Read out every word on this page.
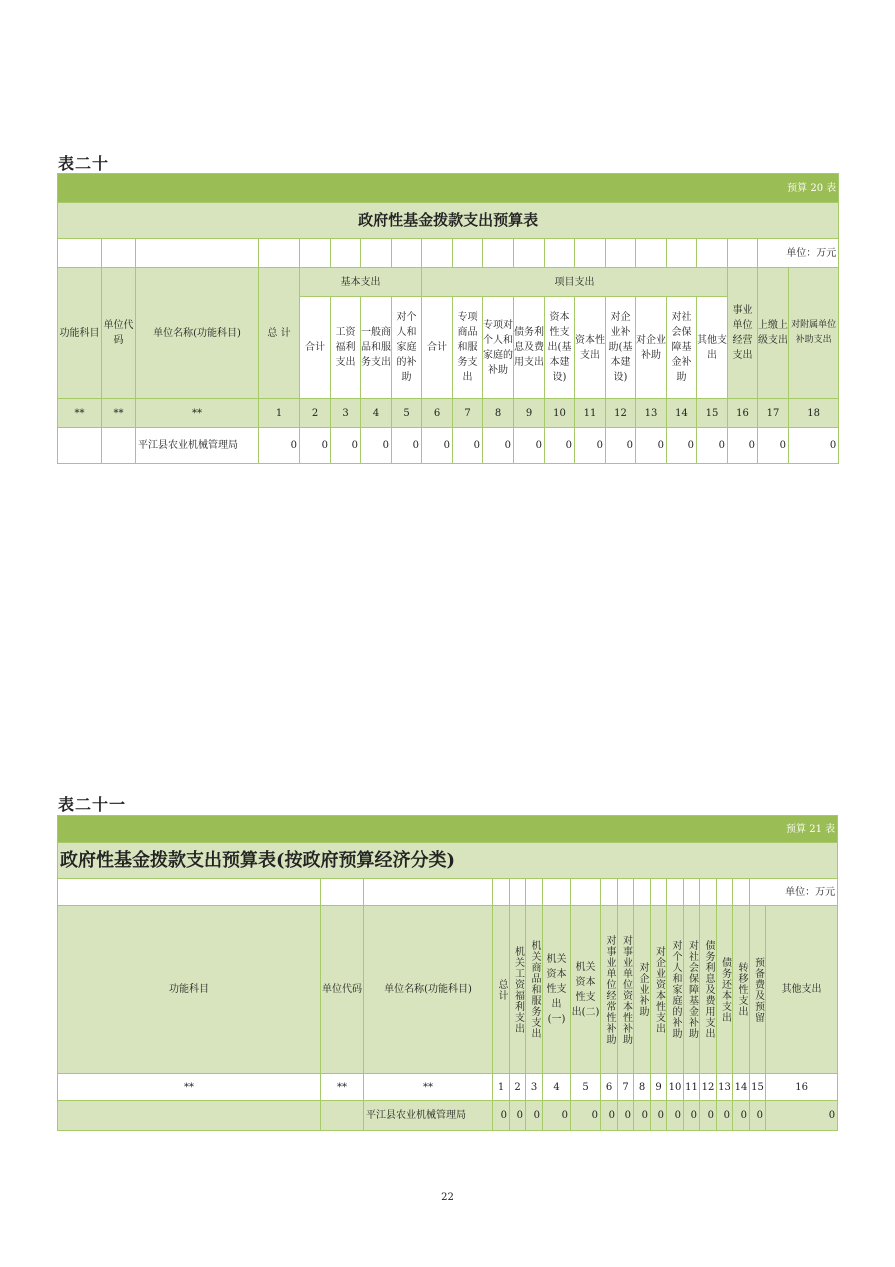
表二十
预算 20 表																				
政府性基金拨款支出预算表																				
																			单位：万元	
功能科目	单位代码	单位名称(功能科目)	总 计	基本支出				项目支出										事业单位经营支出	上缴上级支出	对附属单位补助支出
				合计	工资福利支出	一般商品和服务支出	对个人和家庭的补助	合计	专项商品和服务支出	专项对个人和家庭的补助	债务利息及费用支出	资本性支出(基本建设)	资本性支出	对企业补助(基本建设)	对企业补助	对社会保障基金补助	其他支出			
**	**	**	1	2	3	4	5	6	7	8	9	10	11	12	13	14	15	16	17	18
		平江县农业机械管理局	0	0	0	0	0	0	0	0	0	0	0	0	0	0	0	0	0	0
表二十一
预算 21 表																		
政府性基金拨款支出预算表(按政府预算经济分类)																		
																	单位：万元	
功能科目	单位代码	单位名称(功能科目)	总计	机关工资福利支出	机关商品和服务支出	机关资本性支出(一)	机关资本性支出(二)	对事业单位经常性补助	对事业单位资本性补助	对企业补助	对企业资本性支出	对个人和家庭的补助	对社会保障基金补助	债务利息及费用支出	债务还本支出	转移性支出	预备费及预留	其他支出
**	**	**	1	2	3	4	5	6	7	8	9	10	11	12	13	14	15	16
		平江县农业机械管理局	0	0	0	0	0	0	0	0	0	0	0	0	0	0	0	0
22
